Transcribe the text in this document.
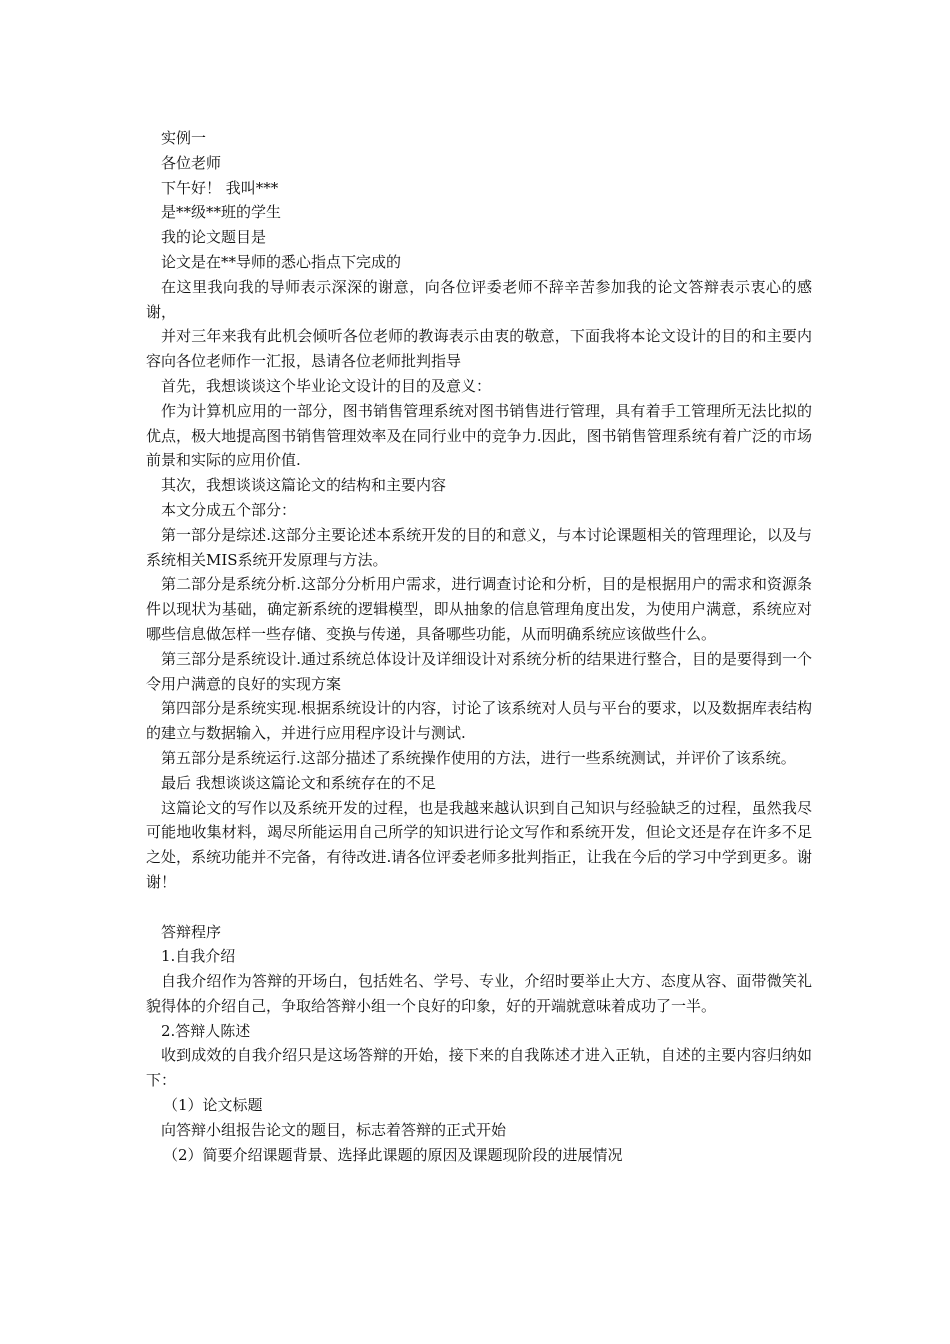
实例一

各位老师

下午好！ 我叫***

是**级**班的学生

我的论文题目是

论文是在**导师的悉心指点下完成的

在这里我向我的导师表示深深的谢意，向各位评委老师不辞辛苦参加我的论文答辩表示衷心的感谢，

并对三年来我有此机会倾听各位老师的教诲表示由衷的敬意，下面我将本论文设计的目的和主要内容向各位老师作一汇报，恳请各位老师批判指导

首先，我想谈谈这个毕业论文设计的目的及意义：

作为计算机应用的一部分，图书销售管理系统对图书销售进行管理，具有着手工管理所无法比拟的优点，极大地提高图书销售管理效率及在同行业中的竞争力.因此，图书销售管理系统有着广泛的市场前景和实际的应用价值.

其次，我想谈谈这篇论文的结构和主要内容

本文分成五个部分：

第一部分是综述.这部分主要论述本系统开发的目的和意义，与本讨论课题相关的管理理论，以及与系统相关MIS系统开发原理与方法。

第二部分是系统分析.这部分分析用户需求，进行调查讨论和分析，目的是根据用户的需求和资源条件以现状为基础，确定新系统的逻辑模型，即从抽象的信息管理角度出发，为使用户满意，系统应对哪些信息做怎样一些存储、变换与传递，具备哪些功能，从而明确系统应该做些什么。

第三部分是系统设计.通过系统总体设计及详细设计对系统分析的结果进行整合，目的是要得到一个令用户满意的良好的实现方案

第四部分是系统实现.根据系统设计的内容，讨论了该系统对人员与平台的要求，以及数据库表结构的建立与数据输入，并进行应用程序设计与测试.

第五部分是系统运行.这部分描述了系统操作使用的方法，进行一些系统测试，并评价了该系统。

最后 我想谈谈这篇论文和系统存在的不足

这篇论文的写作以及系统开发的过程，也是我越来越认识到自己知识与经验缺乏的过程，虽然我尽可能地收集材料，竭尽所能运用自己所学的知识进行论文写作和系统开发，但论文还是存在许多不足之处，系统功能并不完备，有待改进.请各位评委老师多批判指正，让我在今后的学习中学到更多。谢谢！

答辩程序

1.自我介绍

自我介绍作为答辩的开场白，包括姓名、学号、专业，介绍时要举止大方、态度从容、面带微笑礼貌得体的介绍自己，争取给答辩小组一个良好的印象，好的开端就意味着成功了一半。

2.答辩人陈述

收到成效的自我介绍只是这场答辩的开始，接下来的自我陈述才进入正轨，自述的主要内容归纳如下：

（1）论文标题

向答辩小组报告论文的题目，标志着答辩的正式开始

（2）简要介绍课题背景、选择此课题的原因及课题现阶段的进展情况
